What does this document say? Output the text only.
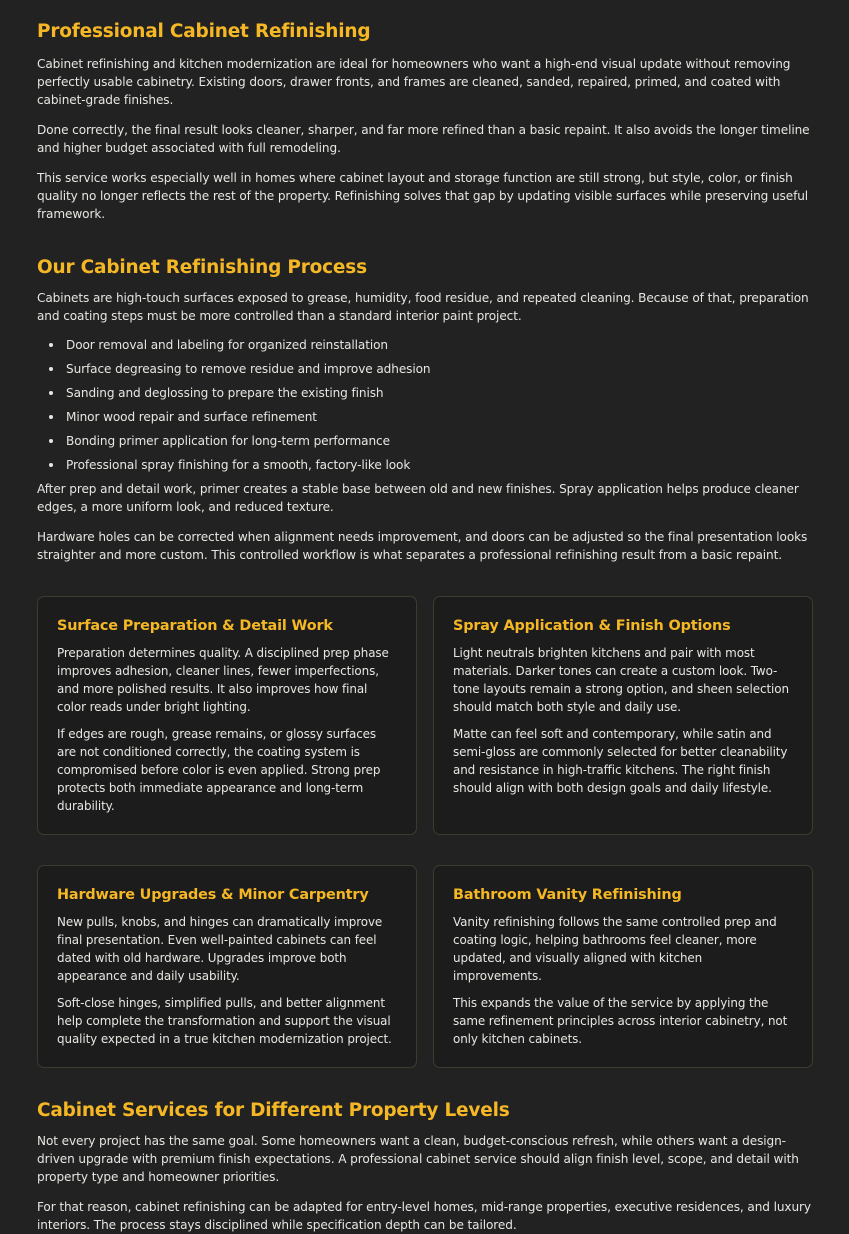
Professional Cabinet Refinishing

Cabinet refinishing and kitchen modernization are ideal for homeowners who want a high-end visual update without removing perfectly usable cabinetry. Existing doors, drawer fronts, and frames are cleaned, sanded, repaired, primed, and coated with cabinet-grade finishes.

Done correctly, the final result looks cleaner, sharper, and far more refined than a basic repaint. It also avoids the longer timeline and higher budget associated with full remodeling.

This service works especially well in homes where cabinet layout and storage function are still strong, but style, color, or finish quality no longer reflects the rest of the property. Refinishing solves that gap by updating visible surfaces while preserving useful framework.

Our Cabinet Refinishing Process

Cabinets are high-touch surfaces exposed to grease, humidity, food residue, and repeated cleaning. Because of that, preparation and coating steps must be more controlled than a standard interior paint project.

Door removal and labeling for organized reinstallation
Surface degreasing to remove residue and improve adhesion
Sanding and deglossing to prepare the existing finish
Minor wood repair and surface refinement
Bonding primer application for long-term performance
Professional spray finishing for a smooth, factory-like look

After prep and detail work, primer creates a stable base between old and new finishes. Spray application helps produce cleaner edges, a more uniform look, and reduced texture.

Hardware holes can be corrected when alignment needs improvement, and doors can be adjusted so the final presentation looks straighter and more custom. This controlled workflow is what separates a professional refinishing result from a basic repaint.

Surface Preparation & Detail Work

Preparation determines quality. A disciplined prep phase improves adhesion, cleaner lines, fewer imperfections, and more polished results. It also improves how final color reads under bright lighting.

If edges are rough, grease remains, or glossy surfaces are not conditioned correctly, the coating system is compromised before color is even applied. Strong prep protects both immediate appearance and long-term durability.

Spray Application & Finish Options

Light neutrals brighten kitchens and pair with most materials. Darker tones can create a custom look. Two-tone layouts remain a strong option, and sheen selection should match both style and daily use.

Matte can feel soft and contemporary, while satin and semi-gloss are commonly selected for better cleanability and resistance in high-traffic kitchens. The right finish should align with both design goals and daily lifestyle.

Hardware Upgrades & Minor Carpentry

New pulls, knobs, and hinges can dramatically improve final presentation. Even well-painted cabinets can feel dated with old hardware. Upgrades improve both appearance and daily usability.

Soft-close hinges, simplified pulls, and better alignment help complete the transformation and support the visual quality expected in a true kitchen modernization project.

Bathroom Vanity Refinishing

Vanity refinishing follows the same controlled prep and coating logic, helping bathrooms feel cleaner, more updated, and visually aligned with kitchen improvements.

This expands the value of the service by applying the same refinement principles across interior cabinetry, not only kitchen cabinets.

Cabinet Services for Different Property Levels

Not every project has the same goal. Some homeowners want a clean, budget-conscious refresh, while others want a design-driven upgrade with premium finish expectations. A professional cabinet service should align finish level, scope, and detail with property type and homeowner priorities.

For that reason, cabinet refinishing can be adapted for entry-level homes, mid-range properties, executive residences, and luxury interiors. The process stays disciplined while specification depth can be tailored.
